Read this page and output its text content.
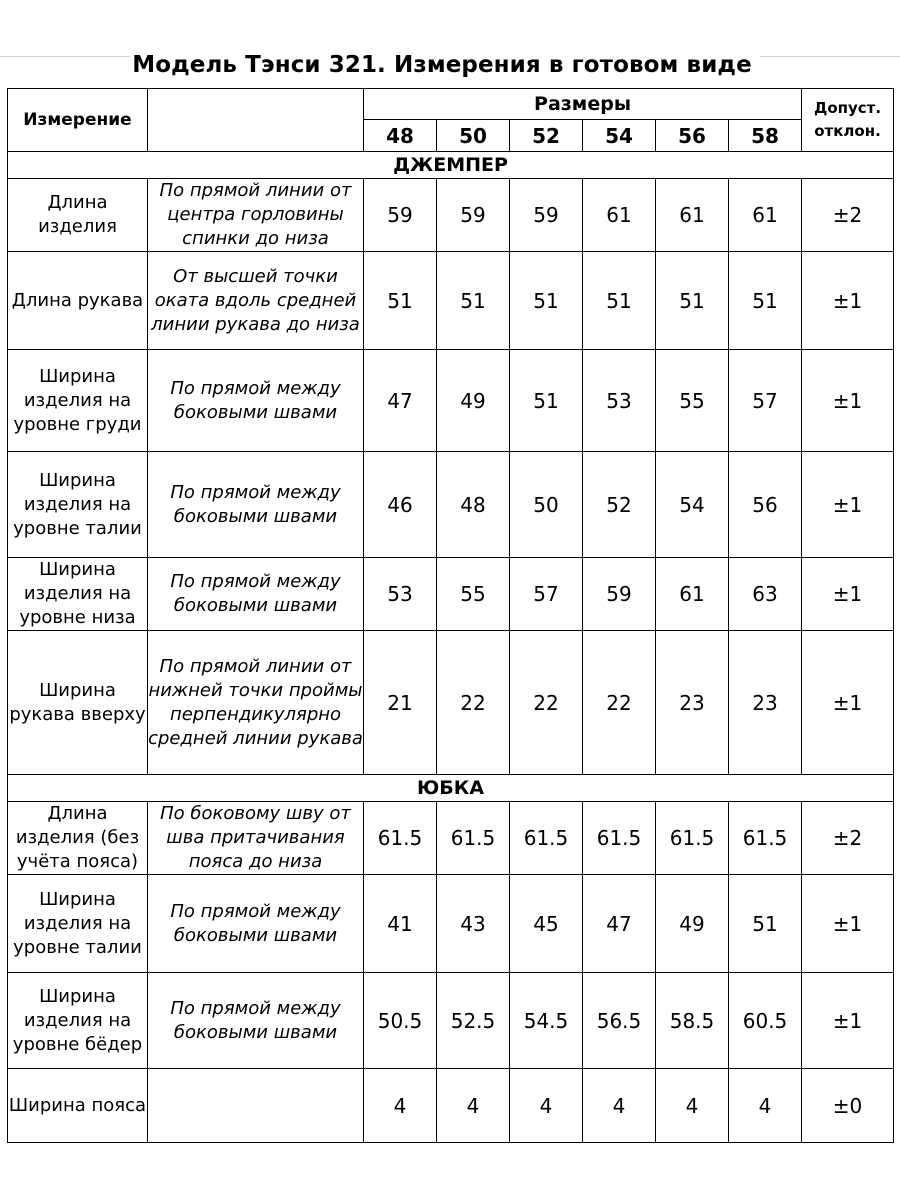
Модель Тэнси 321. Измерения в готовом виде
Измерение		Размеры						Допуст.
отклон.

		48	50	52	54	56	58	
ДЖЕМПЕР								
Длина изделия	По прямой линии от центра горловины спинки до низа	59	59	59	61	61	61	±2
Длина рукава	От высшей точки оката вдоль средней линии рукава до низа	51	51	51	51	51	51	±1
Ширина изделия на уровне груди	По прямой между боковыми швами	47	49	51	53	55	57	±1
Ширина изделия на уровне талии	По прямой между боковыми швами	46	48	50	52	54	56	±1
Ширина изделия на уровне низа	По прямой между боковыми швами	53	55	57	59	61	63	±1
Ширина рукава вверху	По прямой линии от нижней точки проймы перпендикулярно средней линии рукава	21	22	22	22	23	23	±1
ЮБКА								
Длина изделия (без учёта пояса)	По боковому шву от шва притачивания пояса до низа	61.5	61.5	61.5	61.5	61.5	61.5	±2
Ширина изделия на уровне талии	По прямой между боковыми швами	41	43	45	47	49	51	±1
Ширина изделия на уровне бёдер	По прямой между боковыми швами	50.5	52.5	54.5	56.5	58.5	60.5	±1
Ширина пояса		4	4	4	4	4	4	±0
